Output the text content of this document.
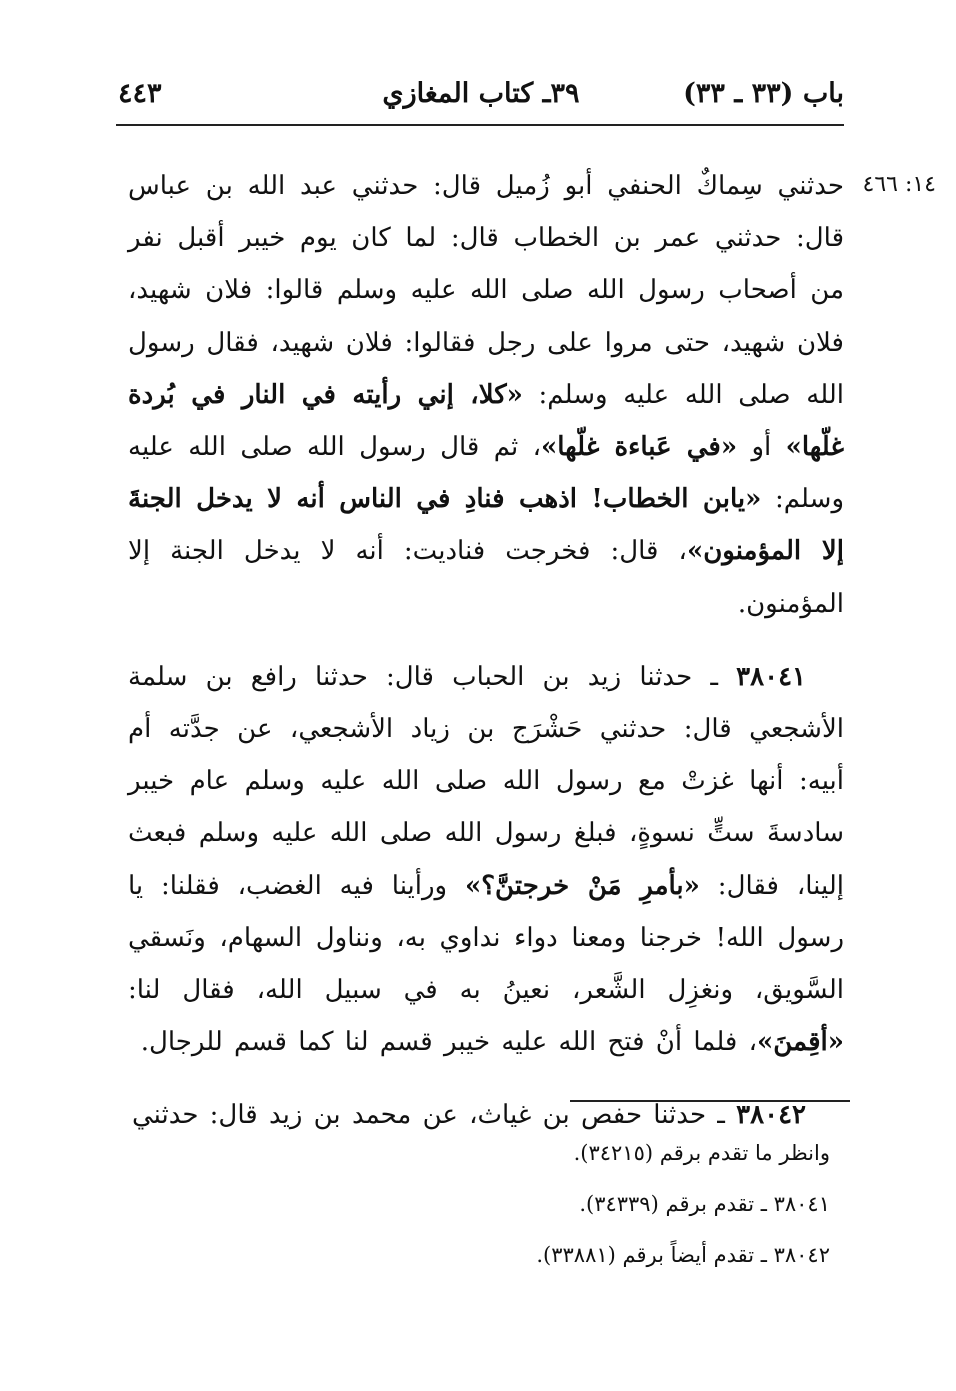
باب (٣٣ ـ ٣٣)
٣٩ـ كتاب المغازي
٤٤٣
١٤: ٤٦٦

حدثني سِماكٌ الحنفي أبو زُميل قال: حدثني عبد الله بن عباس قال: حدثني عمر بن الخطاب قال: لما كان يوم خيبر أقبل نفر من أصحاب رسول الله صلى الله عليه وسلم قالوا: فلان شهيد، فلان شهيد، حتى مروا على رجل فقالوا: فلان شهيد، فقال رسول الله صلى الله عليه وسلم: «كلا، إني رأيته في النار في بُردة غلّها» أو «في عَباءة غلّها»، ثم قال رسول الله صلى الله عليه وسلم: «يابن الخطاب! اذهب فنادِ في الناس أنه لا يدخل الجنةَ إلا المؤمنون»، قال: فخرجت فناديت: أنه لا يدخل الجنة إلا المؤمنون.

٣٨٠٤١ ـ حدثنا زيد بن الحباب قال: حدثنا رافع بن سلمة الأشجعي قال: حدثني حَشْرَج بن زياد الأشجعي، عن جدَّته أم أبيه: أنها غزتْ مع رسول الله صلى الله عليه وسلم عام خيبر سادسةَ ستٍّ نسوةٍ، فبلغ رسول الله صلى الله عليه وسلم فبعث إلينا، فقال: «بأمرِ مَنْ خرجتنَّ؟» ورأينا فيه الغضب، فقلنا: يا رسول الله! خرجنا ومعنا دواء نداوي به، ونناول السهام، ونَسقي السَّويق، ونغزِل الشَّعر، نعينُ به في سبيل الله، فقال لنا: «أقِمنَ»، فلما أنْ فتح الله عليه خيبر قسم لنا كما قسم للرجال.

٣٨٠٤٢ ـ حدثنا حفص بن غياث، عن محمد بن زيد قال: حدثني

وانظر ما تقدم برقم (٣٤٢١٥).

٣٨٠٤١ ـ تقدم برقم (٣٤٣٣٩).

٣٨٠٤٢ ـ تقدم أيضاً برقم (٣٣٨٨١).
